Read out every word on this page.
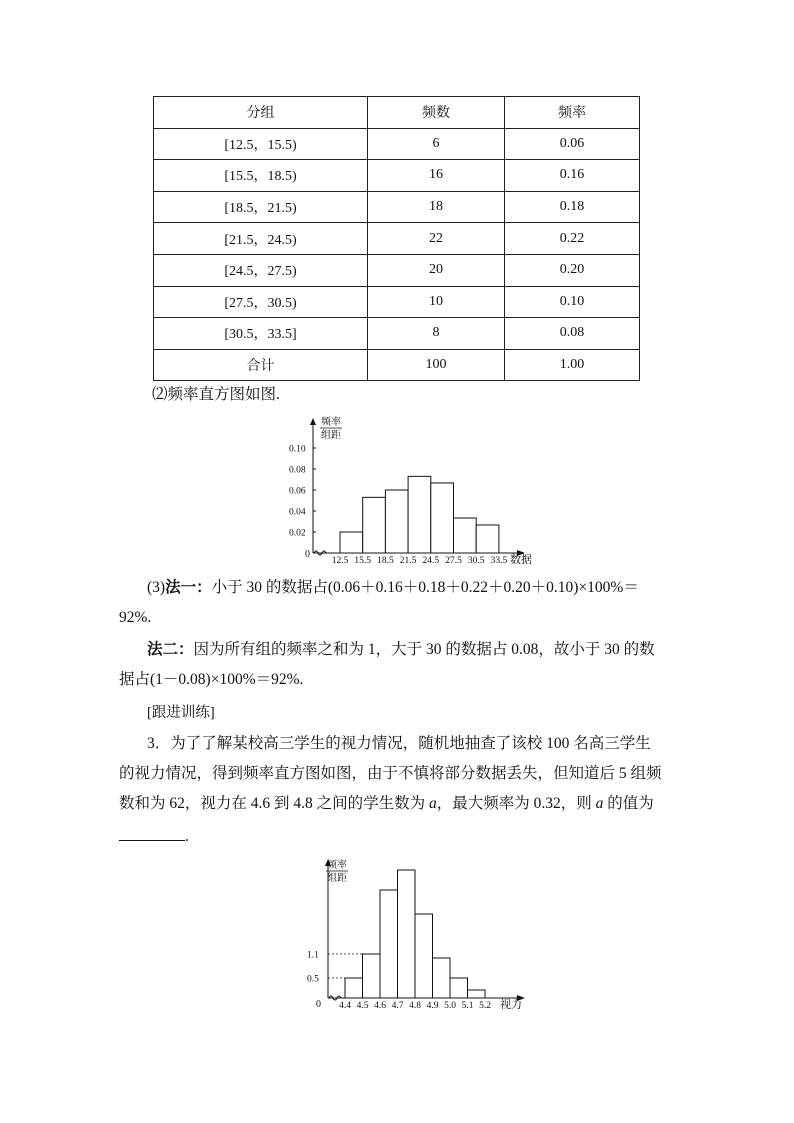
分组	频数	频率
[12.5，15.5)	6	0.06
[15.5，18.5)	16	0.16
[18.5，21.5)	18	0.18
[21.5，24.5)	22	0.22
[24.5，27.5)	20	0.20
[27.5，30.5)	10	0.10
[30.5，33.5]	8	0.08
合计	100	1.00
⑵频率直方图如图.
频率
组距
0	数据
0.02
0.04
0.06
0.08
0.10
12.5 15.5 18.5 21.5 24.5 27.5 30.5 33.5
(3)法一：小于 30 的数据占(0.06＋0.16＋0.18＋0.22＋0.20＋0.10)×100%＝
92%.
法二：因为所有组的频率之和为 1，大于 30 的数据占 0.08，故小于 30 的数
据占(1－0.08)×100%＝92%.
[跟进训练]
3．为了了解某校高三学生的视力情况，随机地抽查了该校 100 名高三学生
的视力情况，得到频率直方图如图，由于不慎将部分数据丢失，但知道后 5 组频
数和为 62，视力在 4.6 到 4.8 之间的学生数为 a，最大频率为 0.32，则 a 的值为
.
频率
组距
0	视力
0.5
1.1
4.4 4.5 4.6 4.7 4.8 4.9 5.0 5.1 5.2
